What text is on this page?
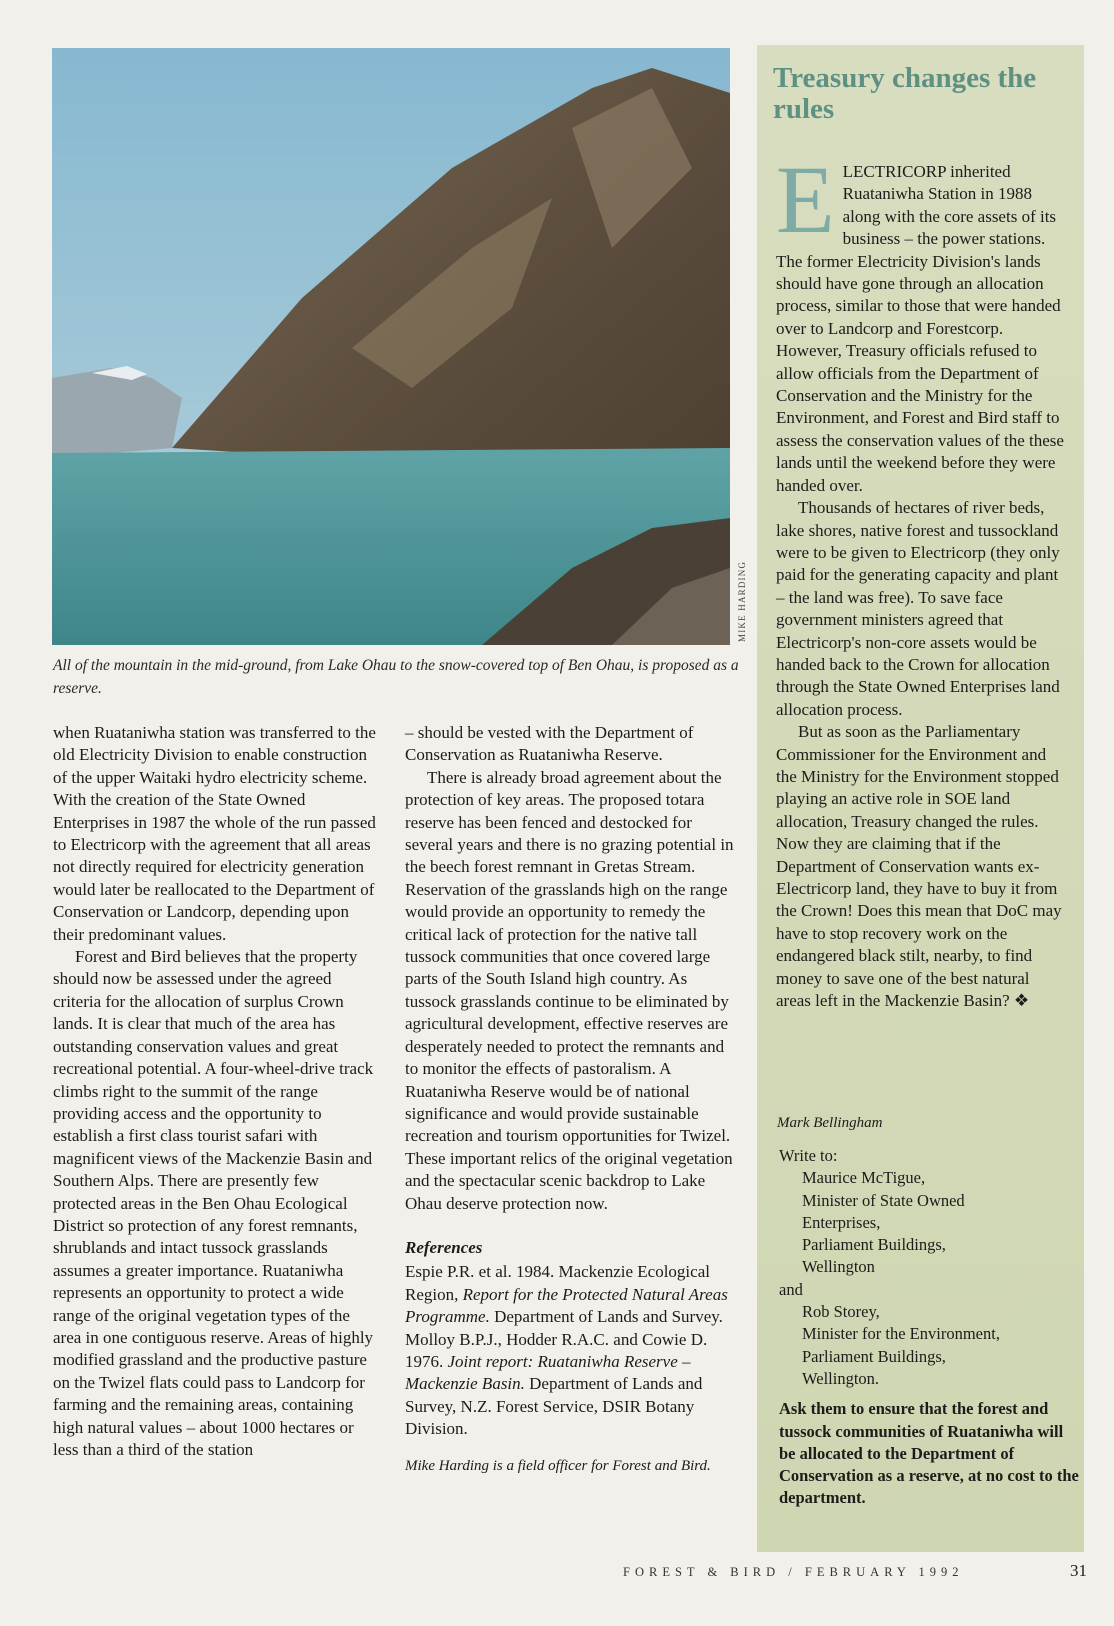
MIKE HARDING
All of the mountain in the mid-ground, from Lake Ohau to the snow-covered top of Ben Ohau, is proposed as a reserve.

when Ruataniwha station was transferred to the old Electricity Division to enable construction of the upper Waitaki hydro electricity scheme. With the creation of the State Owned Enterprises in 1987 the whole of the run passed to Electricorp with the agreement that all areas not directly required for electricity generation would later be reallocated to the Department of Conservation or Landcorp, depending upon their predominant values.

Forest and Bird believes that the property should now be assessed under the agreed criteria for the allocation of surplus Crown lands. It is clear that much of the area has outstanding conservation values and great recreational potential. A four-wheel-drive track climbs right to the summit of the range providing access and the opportunity to establish a first class tourist safari with magnificent views of the Mackenzie Basin and Southern Alps. There are presently few protected areas in the Ben Ohau Ecological District so protection of any forest remnants, shrublands and intact tussock grasslands assumes a greater importance. Ruataniwha represents an opportunity to protect a wide range of the original vegetation types of the area in one contiguous reserve. Areas of highly modified grassland and the productive pasture on the Twizel flats could pass to Landcorp for farming and the remaining areas, containing high natural values – about 1000 hectares or less than a third of the station

– should be vested with the Department of Conservation as Ruataniwha Reserve.

There is already broad agreement about the protection of key areas. The proposed totara reserve has been fenced and destocked for several years and there is no grazing potential in the beech forest remnant in Gretas Stream. Reservation of the grasslands high on the range would provide an opportunity to remedy the critical lack of protection for the native tall tussock communities that once covered large parts of the South Island high country. As tussock grasslands continue to be eliminated by agricultural development, effective reserves are desperately needed to protect the remnants and to monitor the effects of pastoralism. A Ruataniwha Reserve would be of national significance and would provide sustainable recreation and tourism opportunities for Twizel. These important relics of the original vegetation and the spectacular scenic backdrop to Lake Ohau deserve protection now.

References

Espie P.R. et al. 1984. Mackenzie Ecological Region, Report for the Protected Natural Areas Programme. Department of Lands and Survey.

Molloy B.P.J., Hodder R.A.C. and Cowie D. 1976. Joint report: Ruataniwha Reserve – Mackenzie Basin. Department of Lands and Survey, N.Z. Forest Service, DSIR Botany Division.

Mike Harding is a field officer for Forest and Bird.

Treasury changes the rules

ELECTRICORP inherited Ruataniwha Station in 1988 along with the core assets of its business – the power stations. The former Electricity Division's lands should have gone through an allocation process, similar to those that were handed over to Landcorp and Forestcorp. However, Treasury officials refused to allow officials from the Department of Conservation and the Ministry for the Environment, and Forest and Bird staff to assess the conservation values of the these lands until the weekend before they were handed over.

Thousands of hectares of river beds, lake shores, native forest and tussockland were to be given to Electricorp (they only paid for the generating capacity and plant – the land was free). To save face government ministers agreed that Electricorp's non-core assets would be handed back to the Crown for allocation through the State Owned Enterprises land allocation process.

But as soon as the Parliamentary Commissioner for the Environment and the Ministry for the Environment stopped playing an active role in SOE land allocation, Treasury changed the rules. Now they are claiming that if the Department of Conservation wants ex-Electricorp land, they have to buy it from the Crown! Does this mean that DoC may have to stop recovery work on the endangered black stilt, nearby, to find money to save one of the best natural areas left in the Mackenzie Basin? ❖

Mark Bellingham

Write to:

Maurice McTigue,

Minister of State Owned

Enterprises,

Parliament Buildings,

Wellington

and

Rob Storey,

Minister for the Environment,

Parliament Buildings,

Wellington.

Ask them to ensure that the forest and tussock communities of Ruataniwha will be allocated to the Department of Conservation as a reserve, at no cost to the department.

FOREST & BIRD / FEBRUARY 1992	31
